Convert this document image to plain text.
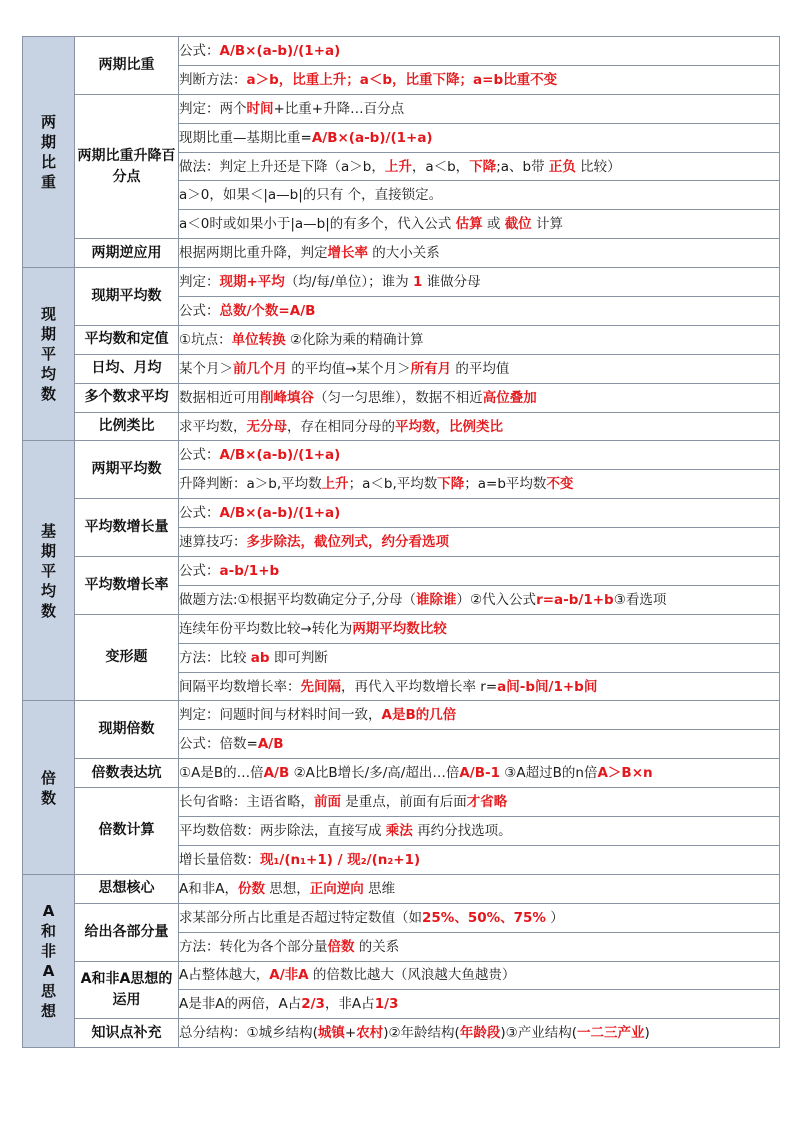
两期比重	两期比重	公式：A/B×(a-b)/(1+a)
		判断方法：a＞b，比重上升；a＜b，比重下降；a=b比重不变
	两期比重升降百分点	判定：两个时间+比重+升降…百分点
		现期比重—基期比重=A/B×(a-b)/(1+a)
		做法：判定上升还是下降（a＞b，上升，a＜b，下降;a、b带 正负 比较）
		a＞0，如果＜|a—b|的只有 个，直接锁定。
		a＜0时或如果小于|a—b|的有多个，代入公式 估算 或 截位 计算
	两期逆应用	根据两期比重升降，判定增长率 的大小关系
现期平均数	现期平均数	判定：现期+平均（均/每/单位）；谁为 1 谁做分母
		公式：总数/个数=A/B
	平均数和定值	①坑点：单位转换 ②化除为乘的精确计算
	日均、月均	某个月＞前几个月 的平均值→某个月＞所有月 的平均值
	多个数求平均	数据相近可用削峰填谷（匀一匀思维），数据不相近高位叠加
	比例类比	求平均数，无分母，存在相同分母的平均数，比例类比
基期平均数	两期平均数	公式：A/B×(a-b)/(1+a)
		升降判断：a＞b,平均数上升；a＜b,平均数下降；a=b平均数不变
	平均数增长量	公式：A/B×(a-b)/(1+a)
		速算技巧：多步除法，截位列式，约分看选项
	平均数增长率	公式：a-b/1+b
		做题方法:①根据平均数确定分子,分母（谁除谁）②代入公式r=a-b/1+b③看选项
	变形题	连续年份平均数比较→转化为两期平均数比较
		方法：比较 ab 即可判断
		间隔平均数增长率：先间隔，再代入平均数增长率 r=a间-b间/1+b间
倍数	现期倍数	判定：问题时间与材料时间一致，A是B的几倍
		公式：倍数=A/B
	倍数表达坑	①A是B的…倍A/B ②A比B增长/多/高/超出…倍A/B-1 ③A超过B的n倍A＞B×n
	倍数计算	长句省略：主语省略，前面 是重点，前面有后面才省略
		平均数倍数：两步除法，直接写成 乘法 再约分找选项。
		增长量倍数：现₁/(n₁+1) / 现₂/(n₂+1)
A和非A思想	思想核心	A和非A，份数 思想，正向逆向 思维
	给出各部分量	求某部分所占比重是否超过特定数值（如25%、50%、75% ）
		方法：转化为各个部分量倍数 的关系
	A和非A思想的运用	A占整体越大，A/非A 的倍数比越大（风浪越大鱼越贵）
		A是非A的两倍，A占2/3，非A占1/3
	知识点补充	总分结构：①城乡结构(城镇+农村)②年龄结构(年龄段)③产业结构(一二三产业)
